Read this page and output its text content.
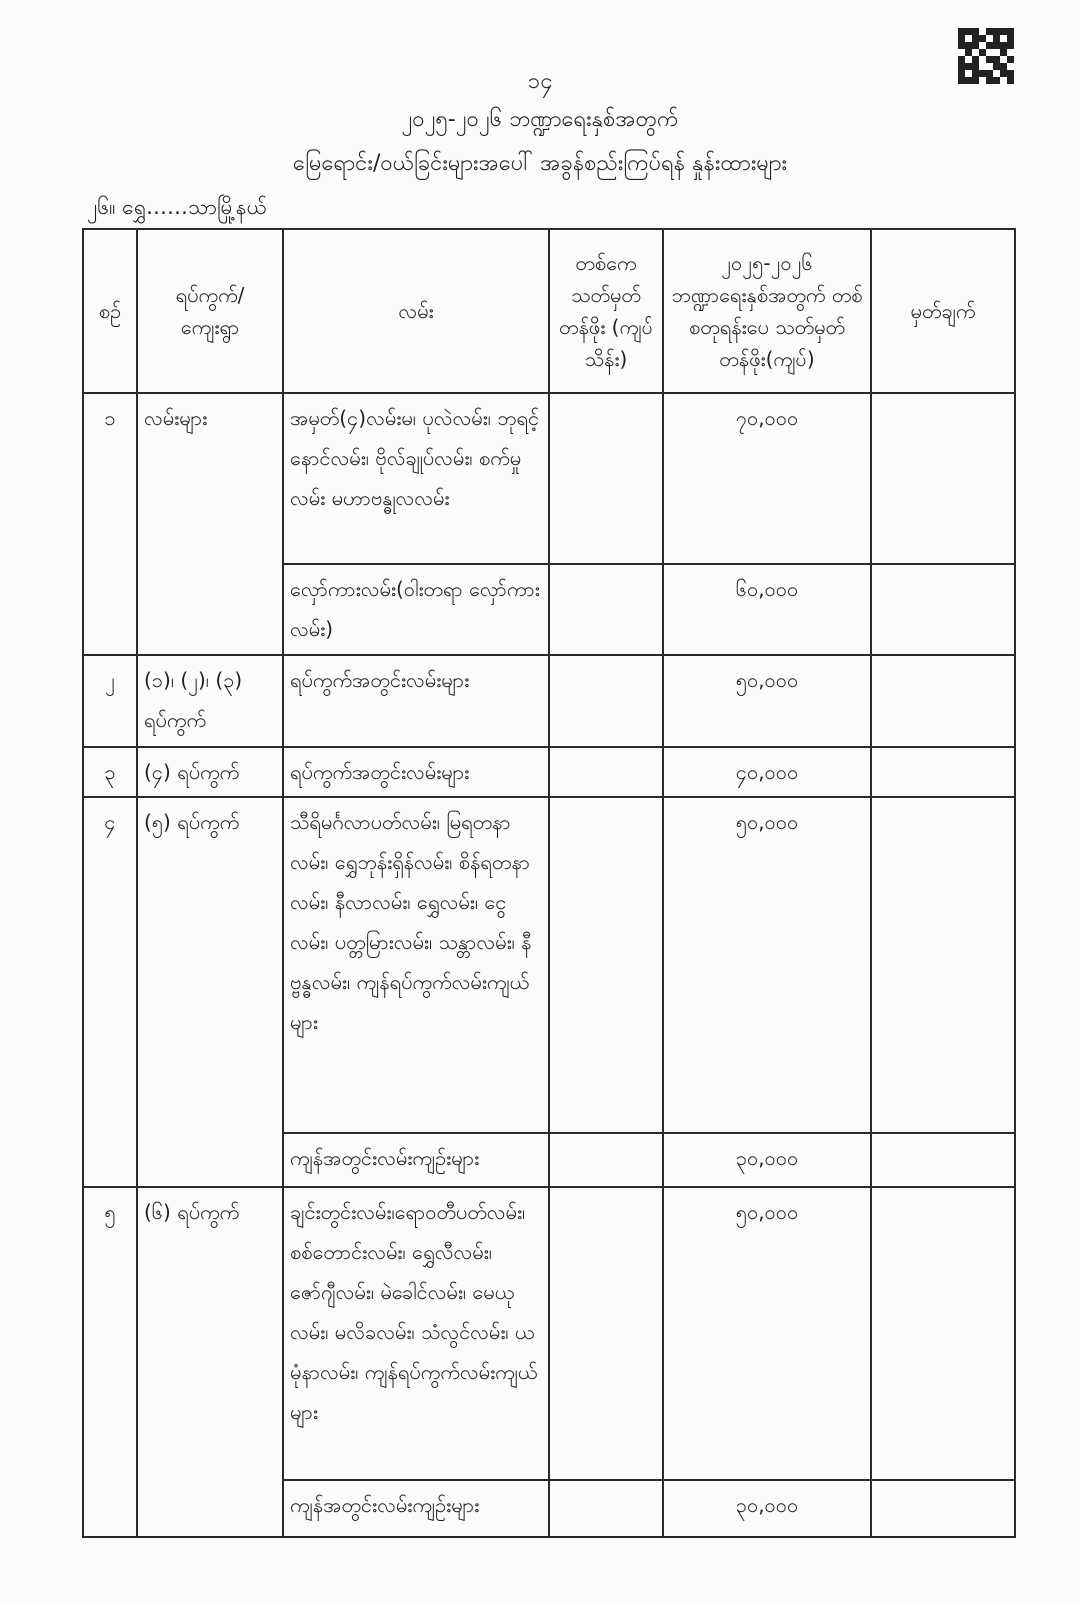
၁၄
၂၀၂၅-၂၀၂၆ ဘဏ္ဍာရေးနှစ်အတွက်
မြေရောင်း/ဝယ်ခြင်းများအပေါ် အခွန်စည်းကြပ်ရန် နှုန်းထားများ
၂၆။ ရွှေ……သာမြို့နယ်
စဉ်	ရပ်ကွက်/ ကျေးရွာ	လမ်း	တစ်ကေ သတ်မှတ် တန်ဖိုး (ကျပ်သိန်း)	၂၀၂၅-၂၀၂၆ ဘဏ္ဍာရေးနှစ်အတွက် တစ်စတုရန်းပေ သတ်မှတ်တန်ဖိုး(ကျပ်)	မှတ်ချက်
၁	လမ်းများ	အမှတ်(၄)လမ်းမ၊ ပုလဲလမ်း၊ ဘုရင့်နောင်လမ်း၊ ဗိုလ်ချုပ်လမ်း၊ စက်မှုလမ်း မဟာဗန္ဓုလလမ်း		၇၀,၀၀၀	
		လှော်ကားလမ်း(ဝါးတရာ လှော်ကားလမ်း)		၆၀,၀၀၀	
၂	(၁)၊ (၂)၊ (၃) ရပ်ကွက်	ရပ်ကွက်အတွင်းလမ်းများ		၅၀,၀၀၀	
၃	(၄) ရပ်ကွက်	ရပ်ကွက်အတွင်းလမ်းများ		၄၀,၀၀၀	
၄	(၅) ရပ်ကွက်	သီရိမင်္ဂလာပတ်လမ်း၊ မြရတနာလမ်း၊ ရွှေဘုန်းရှိန်လမ်း၊ စိန်ရတနာလမ်း၊ နီလာလမ်း၊ ရွှေလမ်း၊ ငွေလမ်း၊ ပတ္တမြားလမ်း၊ သန္တာလမ်း၊ နီဗ္ဗန္ဓလမ်း၊ ကျန်ရပ်ကွက်လမ်းကျယ်များ		၅၀,၀၀၀	
		ကျန်အတွင်းလမ်းကျဉ်းများ		၃၀,၀၀၀	
၅	(၆) ရပ်ကွက်	ချင်းတွင်းလမ်း၊ရောဝတီပတ်လမ်း၊ စစ်တောင်းလမ်း၊ ရွှေလီလမ်း၊ ဇော်ဂျီလမ်း၊ မဲခေါင်လမ်း၊ မေယုလမ်း၊ မလိခလမ်း၊ သံလွင်လမ်း၊ ယမုံနာလမ်း၊ ကျန်ရပ်ကွက်လမ်းကျယ်များ		၅၀,၀၀၀	
		ကျန်အတွင်းလမ်းကျဉ်းများ		၃၀,၀၀၀	
